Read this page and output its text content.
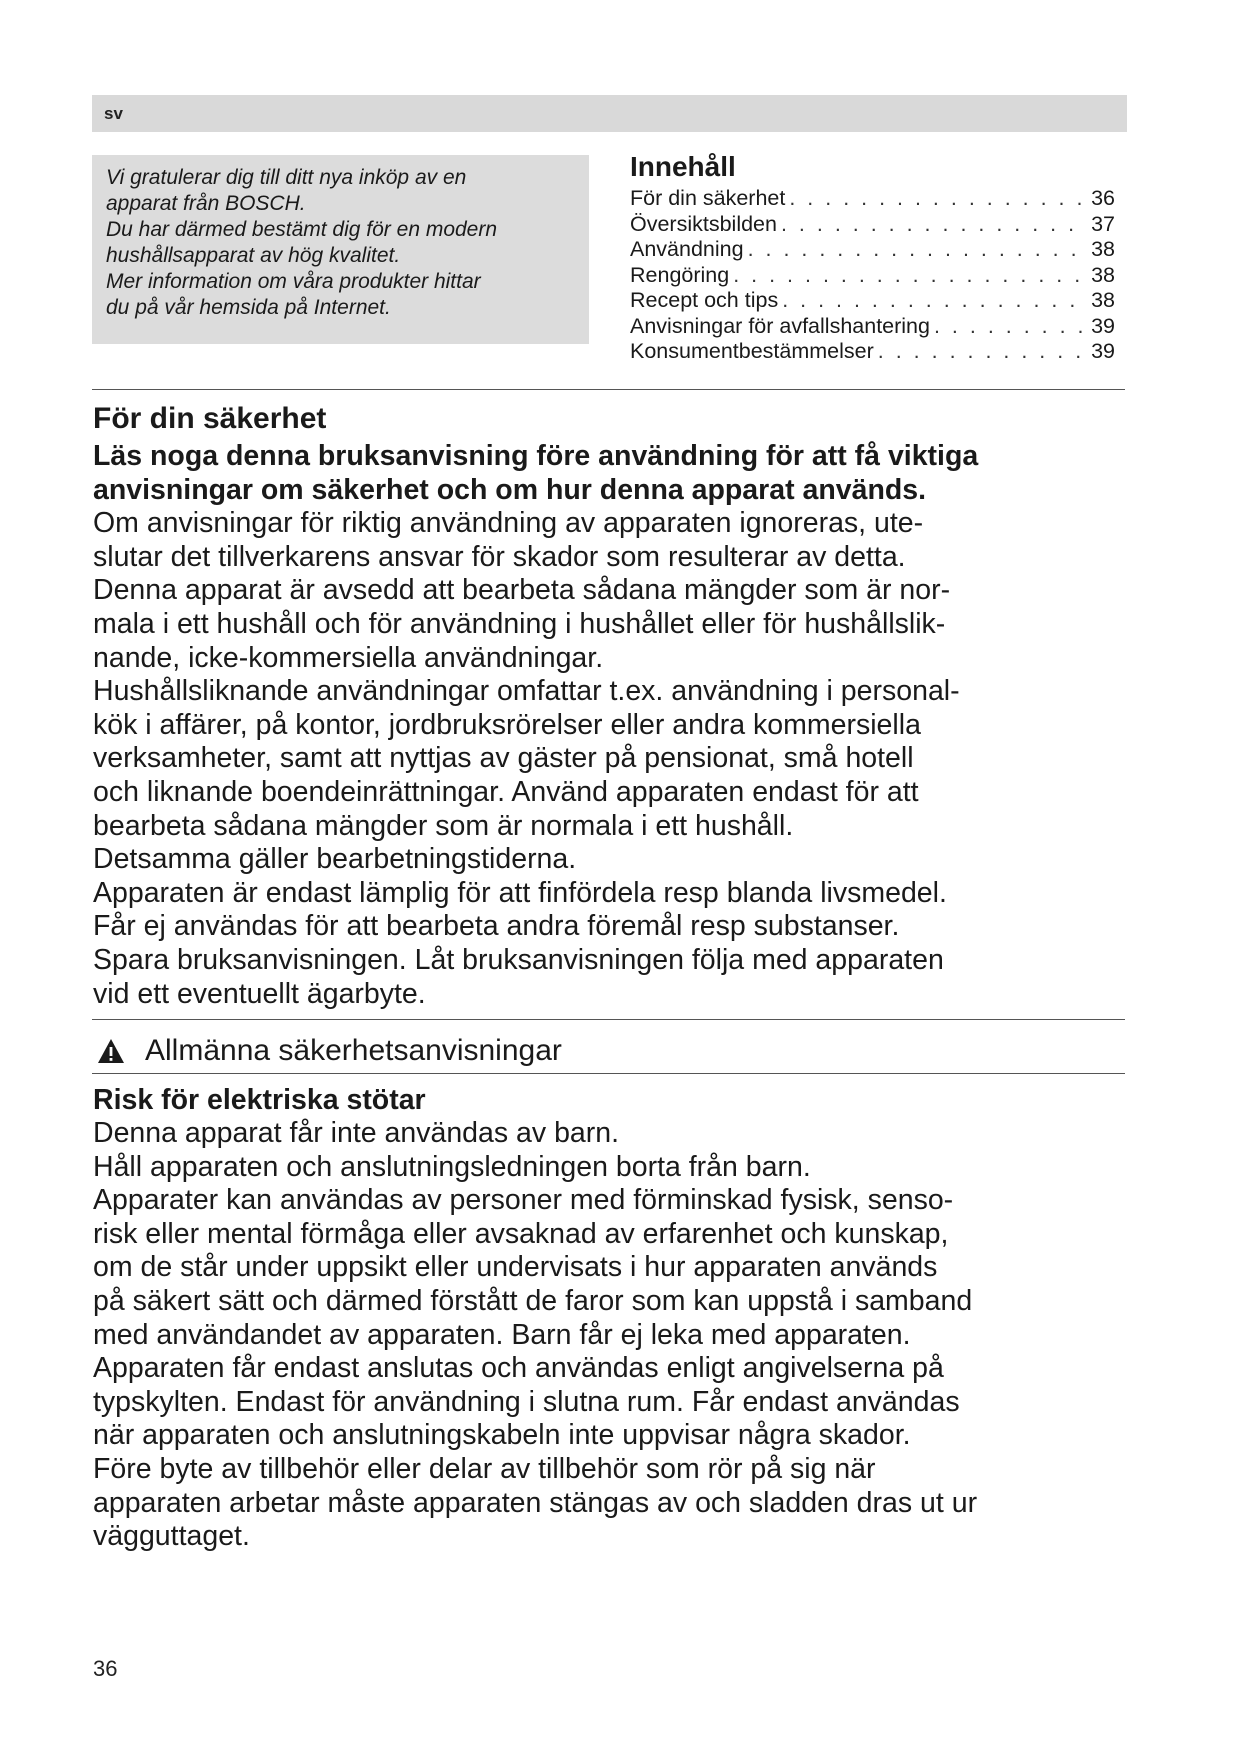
sv
Vi gratulerar dig till ditt nya inköp av en
apparat från BOSCH.
Du har därmed bestämt dig för en modern
hushållsapparat av hög kvalitet.
Mer information om våra produkter hittar
du på vår hemsida på Internet.
Innehåll
För din säkerhet . . .	36
Översiktsbilden . . .	37
Användning . . .	38
Rengöring . . .	38
Recept och tips . . .	38
Anvisningar för avfallshantering . . .	39
Konsumentbestämmelser . . .	39
För din säkerhet
Läs noga denna bruksanvisning före användning för att få viktiga
anvisningar om säkerhet och om hur denna apparat används.
Om anvisningar för riktig användning av apparaten ignoreras, ute-
slutar det tillverkarens ansvar för skador som resulterar av detta.
Denna apparat är avsedd att bearbeta sådana mängder som är nor-
mala i ett hushåll och för användning i hushållet eller för hushållslik-
nande, icke-kommersiella användningar.
Hushållsliknande användningar omfattar t.ex. användning i personal-
kök i affärer, på kontor, jordbruksrörelser eller andra kommersiella
verksamheter, samt att nyttjas av gäster på pensionat, små hotell
och liknande boendeinrättningar. Använd apparaten endast för att
bearbeta sådana mängder som är normala i ett hushåll.
Detsamma gäller bearbetningstiderna.
Apparaten är endast lämplig för att finfördela resp blanda livsmedel.
Får ej användas för att bearbeta andra föremål resp substanser.
Spara bruksanvisningen. Låt bruksanvisningen följa med apparaten
vid ett eventuellt ägarbyte.
Allmänna säkerhetsanvisningar
Risk för elektriska stötar
Denna apparat får inte användas av barn.
Håll apparaten och anslutningsledningen borta från barn.
Apparater kan användas av personer med förminskad fysisk, senso-
risk eller mental förmåga eller avsaknad av erfarenhet och kunskap,
om de står under uppsikt eller undervisats i hur apparaten används
på säkert sätt och därmed förstått de faror som kan uppstå i samband
med användandet av apparaten. Barn får ej leka med apparaten.
Apparaten får endast anslutas och användas enligt angivelserna på
typskylten. Endast för användning i slutna rum. Får endast användas
när apparaten och anslutningskabeln inte uppvisar några skador.
Före byte av tillbehör eller delar av tillbehör som rör på sig när
apparaten arbetar måste apparaten stängas av och sladden dras ut ur
vägguttaget.
36
